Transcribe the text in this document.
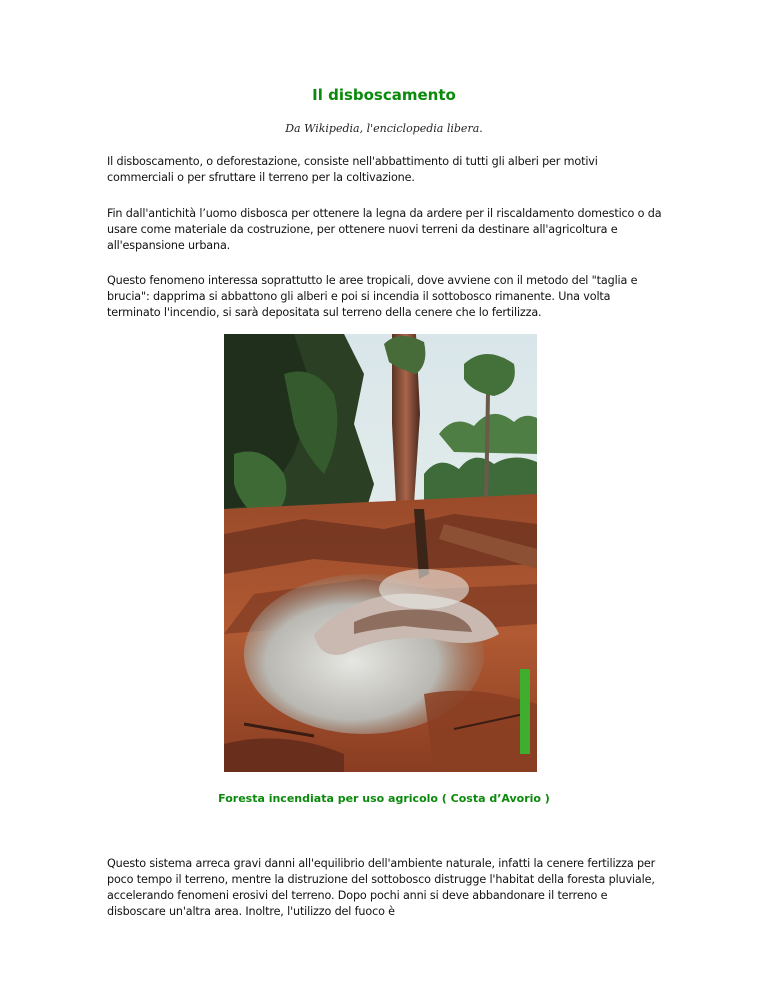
Il disboscamento

Da Wikipedia, l'enciclopedia libera.

Il disboscamento, o deforestazione, consiste nell'abbattimento di tutti gli alberi per motivi commerciali o per sfruttare il terreno per la coltivazione.

Fin dall'antichità l’uomo disbosca per ottenere la legna da ardere per il riscaldamento domestico o da usare come materiale da costruzione, per ottenere nuovi terreni da destinare all'agricoltura e all'espansione urbana.

Questo fenomeno interessa soprattutto le aree tropicali, dove avviene con il metodo del "taglia e brucia": dapprima si abbattono gli alberi e poi si incendia il sottobosco rimanente. Una volta terminato l'incendio, si sarà depositata sul terreno della cenere che lo fertilizza.

Foresta incendiata per uso agricolo ( Costa d’Avorio )

Questo sistema arreca gravi danni all'equilibrio dell'ambiente naturale, infatti la cenere fertilizza per poco tempo il terreno, mentre la distruzione del sottobosco distrugge l'habitat della foresta pluviale, accelerando fenomeni erosivi del terreno. Dopo pochi anni si deve abbandonare il terreno e disboscare un'altra area. Inoltre, l'utilizzo del fuoco è
